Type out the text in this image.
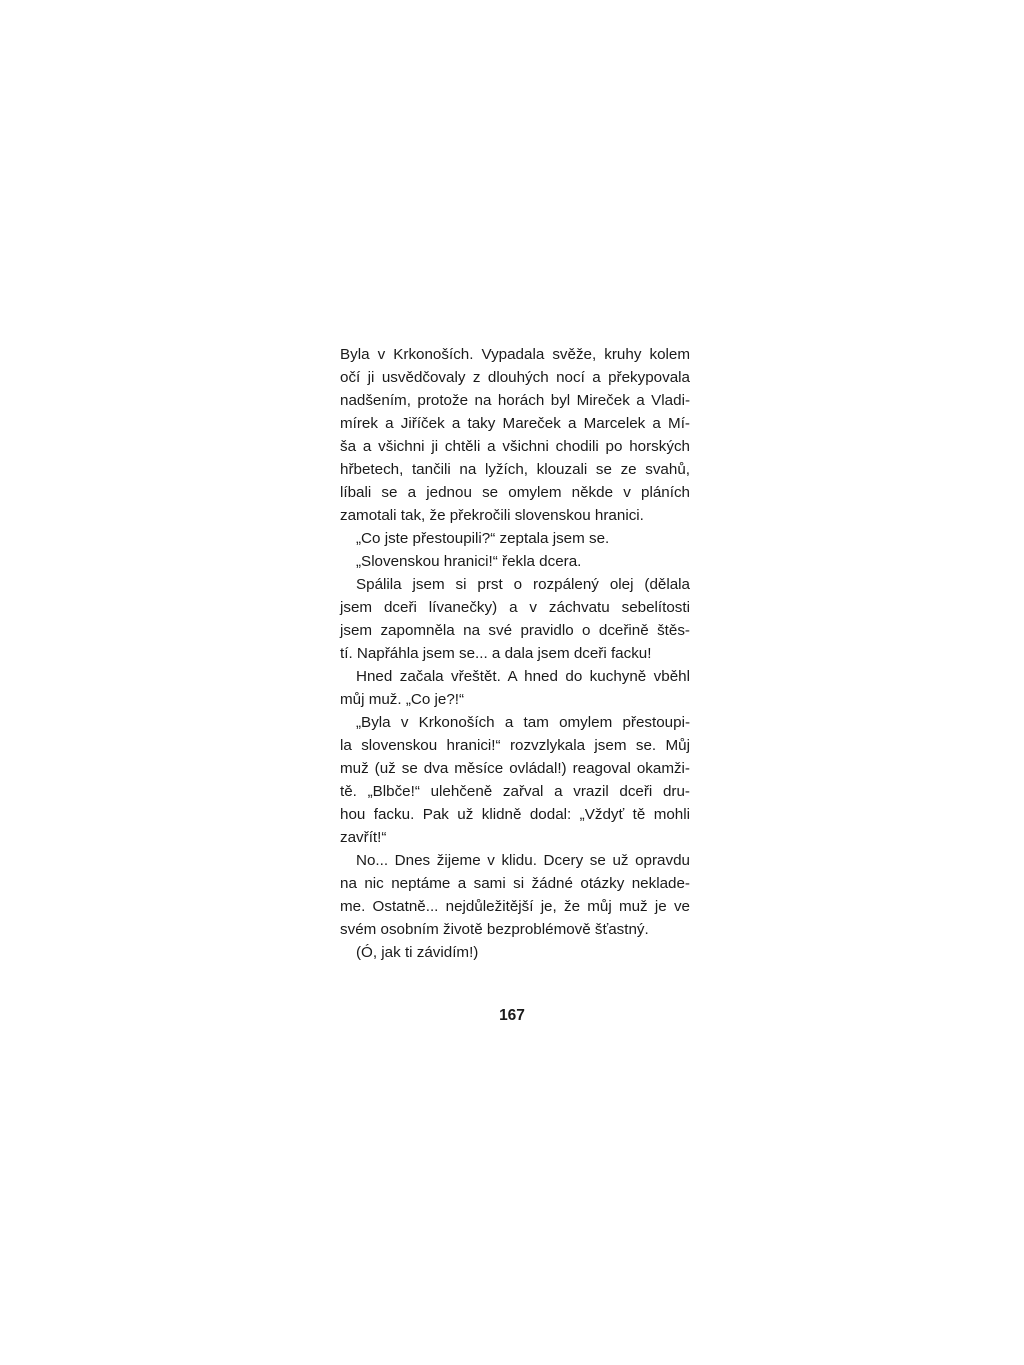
Byla v Krkonoších. Vypadala svěže, kruhy kolem
očí ji usvědčovaly z dlouhých nocí a překypovala
nadšením, protože na horách byl Mireček a Vladi-
mírek a Jiříček a taky Mareček a Marcelek a Mí-
ša a všichni ji chtěli a všichni chodili po horských
hřbetech, tančili na lyžích, klouzali se ze svahů,
líbali se a jednou se omylem někde v pláních
zamotali tak, že překročili slovenskou hranici.
„Co jste přestoupili?“ zeptala jsem se.
„Slovenskou hranici!“ řekla dcera.
Spálila jsem si prst o rozpálený olej (dělala
jsem dceři lívanečky) a v záchvatu sebelítosti
jsem zapomněla na své pravidlo o dceřině štěs-
tí. Napřáhla jsem se... a dala jsem dceři facku!
Hned začala vřeštět. A hned do kuchyně vběhl
můj muž. „Co je?!“
„Byla v Krkonoších a tam omylem přestoupi-
la slovenskou hranici!“ rozvzlykala jsem se. Můj
muž (už se dva měsíce ovládal!) reagoval okamži-
tě. „Blbče!“ ulehčeně zařval a vrazil dceři dru-
hou facku. Pak už klidně dodal: „Vždyť tě mohli
zavřít!“
No... Dnes žijeme v klidu. Dcery se už opravdu
na nic neptáme a sami si žádné otázky neklade-
me. Ostatně... nejdůležitější je, že můj muž je ve
svém osobním životě bezproblémově šťastný.
(Ó, jak ti závidím!)
167
